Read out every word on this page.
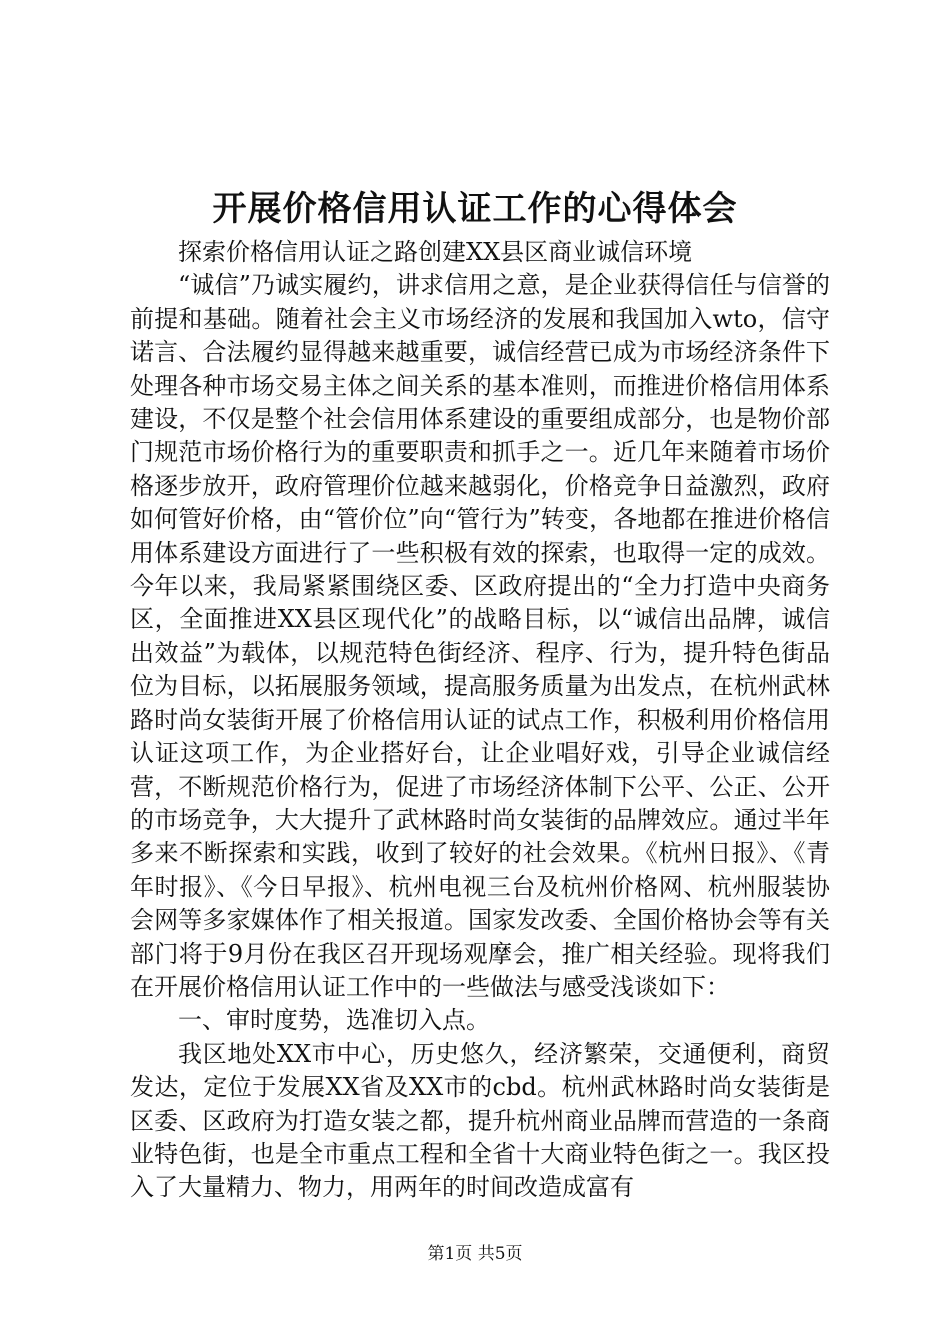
开展价格信用认证工作的心得体会

探索价格信用认证之路创建XX县区商业诚信环境

“诚信”乃诚实履约，讲求信用之意，是企业获得信任与信誉的前提和基础。随着社会主义市场经济的发展和我国加入wto，信守诺言、合法履约显得越来越重要，诚信经营已成为市场经济条件下处理各种市场交易主体之间关系的基本准则，而推进价格信用体系建设，不仅是整个社会信用体系建设的重要组成部分，也是物价部门规范市场价格行为的重要职责和抓手之一。近几年来随着市场价格逐步放开，政府管理价位越来越弱化，价格竞争日益激烈，政府如何管好价格，由“管价位”向“管行为”转变，各地都在推进价格信用体系建设方面进行了一些积极有效的探索，也取得一定的成效。今年以来，我局紧紧围绕区委、区政府提出的“全力打造中央商务区，全面推进XX县区现代化”的战略目标，以“诚信出品牌，诚信出效益”为载体，以规范特色街经济、程序、行为，提升特色街品位为目标，以拓展服务领域，提高服务质量为出发点，在杭州武林路时尚女装街开展了价格信用认证的试点工作，积极利用价格信用认证这项工作，为企业搭好台，让企业唱好戏，引导企业诚信经营，不断规范价格行为，促进了市场经济体制下公平、公正、公开的市场竞争，大大提升了武林路时尚女装街的品牌效应。通过半年多来不断探索和实践，收到了较好的社会效果。《杭州日报》、《青年时报》、《今日早报》、杭州电视三台及杭州价格网、杭州服装协会网等多家媒体作了相关报道。国家发改委、全国价格协会等有关部门将于9月份在我区召开现场观摩会，推广相关经验。现将我们在开展价格信用认证工作中的一些做法与感受浅谈如下：

一、审时度势，选准切入点。

我区地处XX市中心，历史悠久，经济繁荣，交通便利，商贸发达，定位于发展XX省及XX市的cbd。杭州武林路时尚女装街是区委、区政府为打造女装之都，提升杭州商业品牌而营造的一条商业特色街，也是全市重点工程和全省十大商业特色街之一。我区投入了大量精力、物力，用两年的时间改造成富有

第1页 共5页
